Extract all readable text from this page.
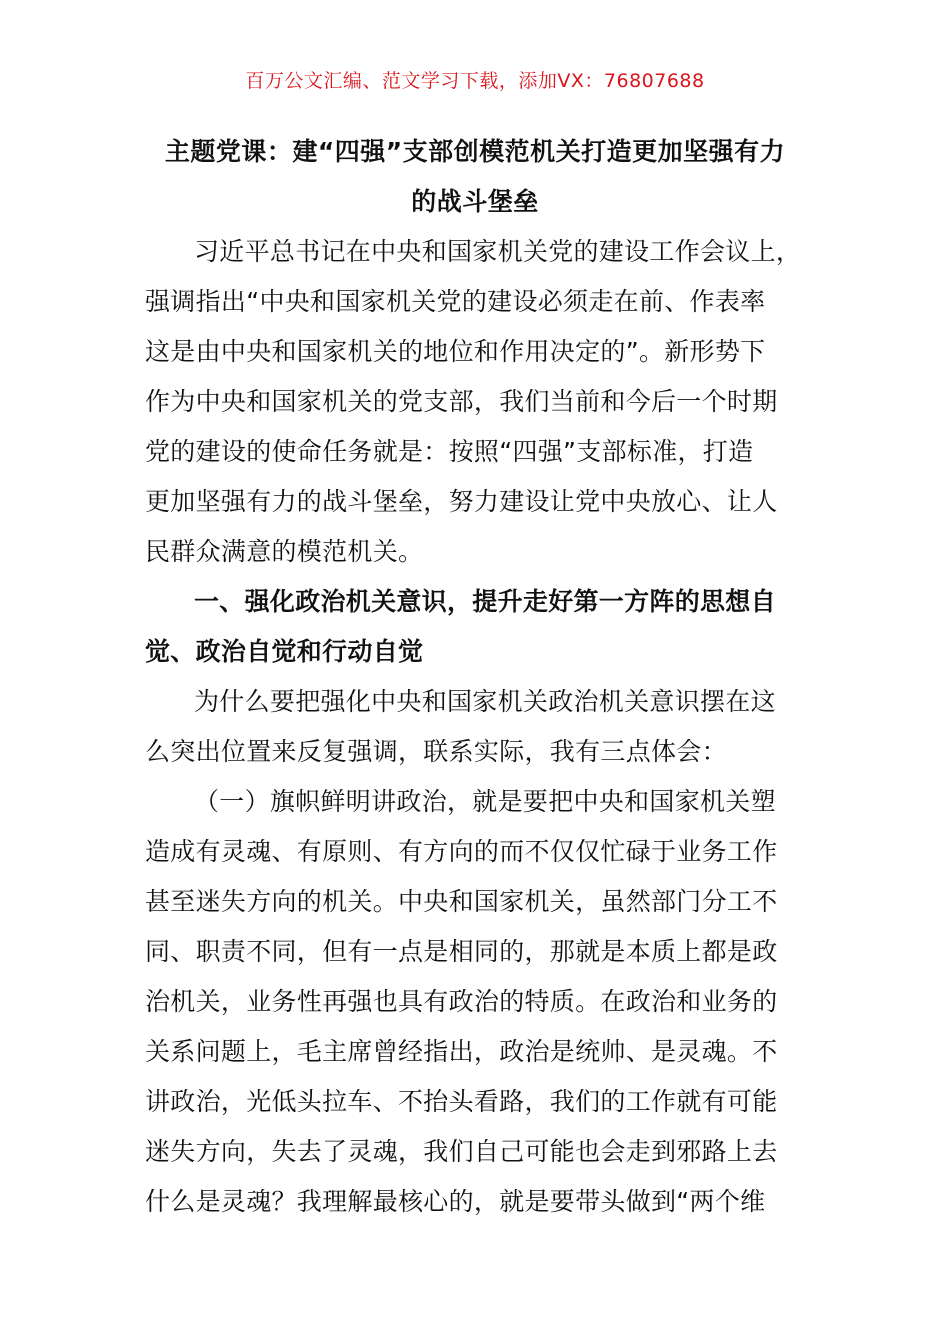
百万公文汇编、范文学习下载，添加VX：76807688
主题党课：建“四强”支部创模范机关打造更加坚强有力
的战斗堡垒
习近平总书记在中央和国家机关党的建设工作会议上，
强调指出“中央和国家机关党的建设必须走在前、作表率
这是由中央和国家机关的地位和作用决定的”。新形势下
作为中央和国家机关的党支部，我们当前和今后一个时期
党的建设的使命任务就是：按照“四强”支部标准，打造
更加坚强有力的战斗堡垒，努力建设让党中央放心、让人
民群众满意的模范机关。
一、强化政治机关意识，提升走好第一方阵的思想自
觉、政治自觉和行动自觉
为什么要把强化中央和国家机关政治机关意识摆在这
么突出位置来反复强调，联系实际，我有三点体会：
（一）旗帜鲜明讲政治，就是要把中央和国家机关塑
造成有灵魂、有原则、有方向的而不仅仅忙碌于业务工作
甚至迷失方向的机关。中央和国家机关，虽然部门分工不
同、职责不同，但有一点是相同的，那就是本质上都是政
治机关，业务性再强也具有政治的特质。在政治和业务的
关系问题上，毛主席曾经指出，政治是统帅、是灵魂。不
讲政治，光低头拉车、不抬头看路，我们的工作就有可能
迷失方向，失去了灵魂，我们自己可能也会走到邪路上去
什么是灵魂？我理解最核心的，就是要带头做到“两个维
